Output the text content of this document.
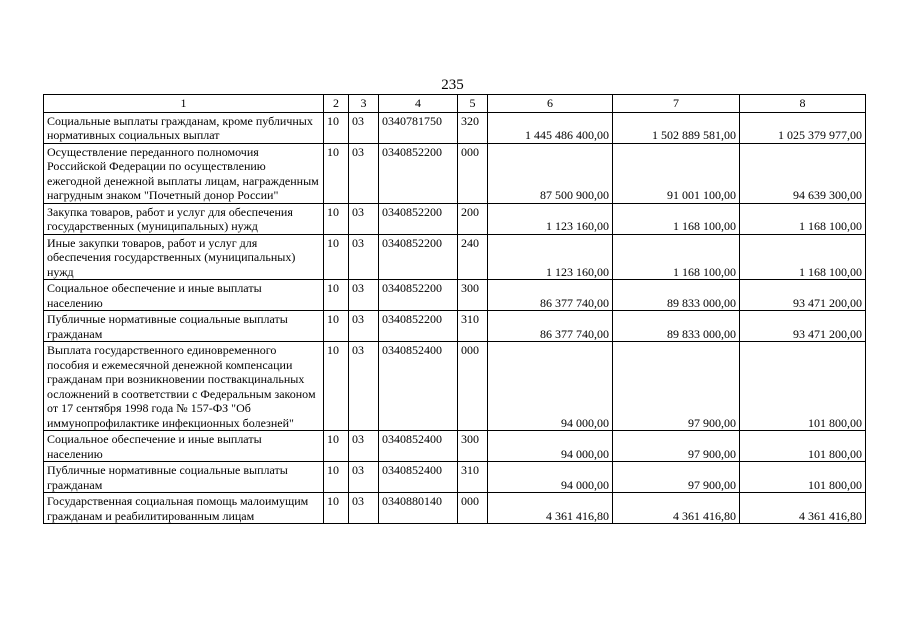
235
1	2	3	4	5	6	7	8
Социальные выплаты гражданам, кроме публичных нормативных социальных выплат	10	03	0340781750	320	1 445 486 400,00	1 502 889 581,00	1 025 379 977,00
Осуществление переданного полномочия Российской Федерации по осуществлению ежегодной денежной выплаты лицам, награжденным нагрудным знаком "Почетный донор России"	10	03	0340852200	000	87 500 900,00	91 001 100,00	94 639 300,00
Закупка товаров, работ и услуг для обеспечения государственных (муниципальных) нужд	10	03	0340852200	200	1 123 160,00	1 168 100,00	1 168 100,00
Иные закупки товаров, работ и услуг для обеспечения государственных (муниципальных) нужд	10	03	0340852200	240	1 123 160,00	1 168 100,00	1 168 100,00
Социальное обеспечение и иные выплаты населению	10	03	0340852200	300	86 377 740,00	89 833 000,00	93 471 200,00
Публичные нормативные социальные выплаты гражданам	10	03	0340852200	310	86 377 740,00	89 833 000,00	93 471 200,00
Выплата государственного единовременного пособия и ежемесячной денежной компенсации гражданам при возникновении поствакцинальных осложнений в соответствии с Федеральным законом от 17 сентября 1998 года № 157-ФЗ "Об иммунопрофилактике инфекционных болезней"	10	03	0340852400	000	94 000,00	97 900,00	101 800,00
Социальное обеспечение и иные выплаты населению	10	03	0340852400	300	94 000,00	97 900,00	101 800,00
Публичные нормативные социальные выплаты гражданам	10	03	0340852400	310	94 000,00	97 900,00	101 800,00
Государственная социальная помощь малоимущим гражданам и реабилитированным лицам	10	03	0340880140	000	4 361 416,80	4 361 416,80	4 361 416,80
